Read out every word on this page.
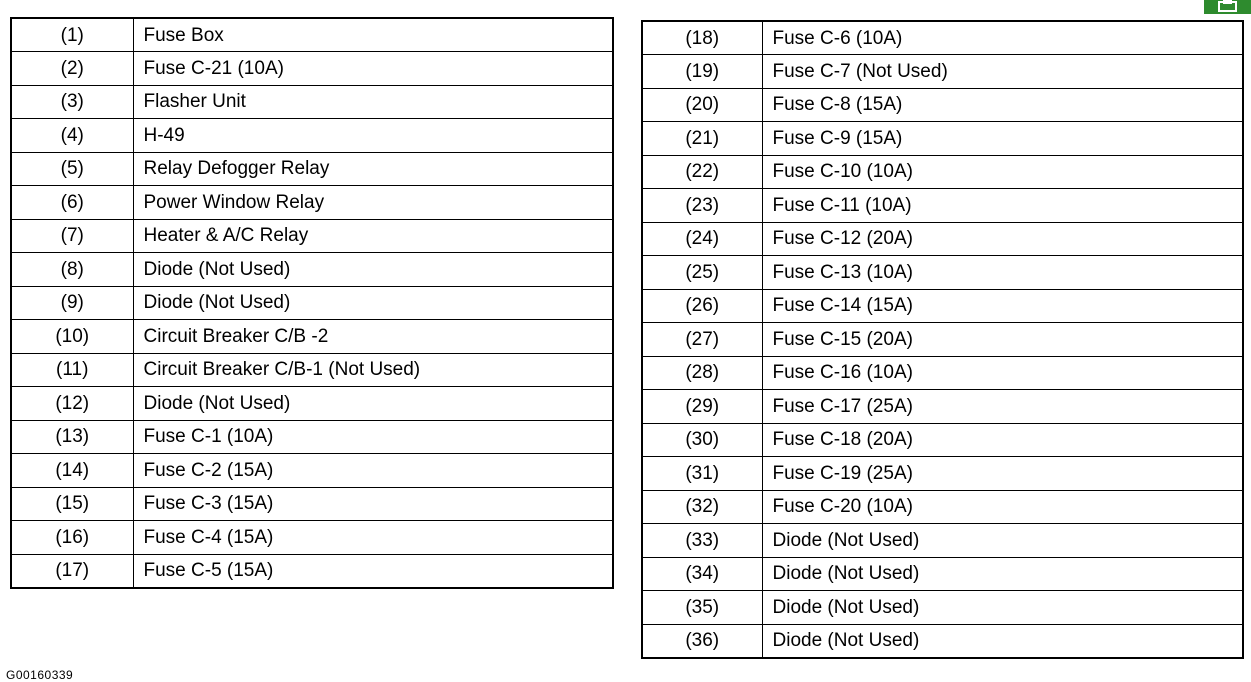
(1)	Fuse Box
(2)	Fuse C-21 (10A)
(3)	Flasher Unit
(4)	H-49
(5)	Relay Defogger Relay
(6)	Power Window Relay
(7)	Heater & A/C Relay
(8)	Diode (Not Used)
(9)	Diode (Not Used)
(10)	Circuit Breaker C/B -2
(11)	Circuit Breaker C/B-1 (Not Used)
(12)	Diode (Not Used)
(13)	Fuse C-1 (10A)
(14)	Fuse C-2 (15A)
(15)	Fuse C-3 (15A)
(16)	Fuse C-4 (15A)
(17)	Fuse C-5 (15A)
(18)	Fuse C-6 (10A)
(19)	Fuse C-7 (Not Used)
(20)	Fuse C-8 (15A)
(21)	Fuse C-9 (15A)
(22)	Fuse C-10 (10A)
(23)	Fuse C-11 (10A)
(24)	Fuse C-12 (20A)
(25)	Fuse C-13 (10A)
(26)	Fuse C-14 (15A)
(27)	Fuse C-15 (20A)
(28)	Fuse C-16 (10A)
(29)	Fuse C-17 (25A)
(30)	Fuse C-18 (20A)
(31)	Fuse C-19 (25A)
(32)	Fuse C-20 (10A)
(33)	Diode (Not Used)
(34)	Diode (Not Used)
(35)	Diode (Not Used)
(36)	Diode (Not Used)
G00160339
